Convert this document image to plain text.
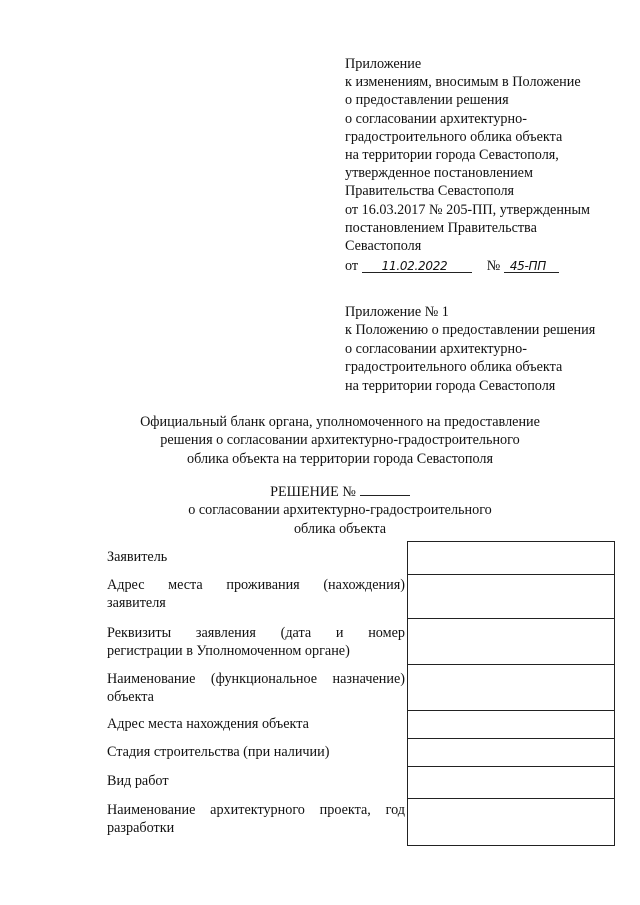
Приложение
к изменениям, вносимым в Положение
о предоставлении решения
о согласовании архитектурно-
градостроительного облика объекта
на территории города Севастополя,
утвержденное постановлением
Правительства Севастополя
от 16.03.2017 № 205-ПП, утвержденным
постановлением Правительства
Севастополя
от 11.02.2022	№ 45-ПП
Приложение № 1
к Положению о предоставлении решения
о согласовании архитектурно-
градостроительного облика объекта
на территории города Севастополя
Официальный бланк органа, уполномоченного на предоставление
решения о согласовании архитектурно-градостроительного
облика объекта на территории города Севастополя
РЕШЕНИЕ №
о согласовании архитектурно-градостроительного
облика объекта
Заявитель
Адрес места проживания (нахождения)
заявителя
Реквизиты заявления (дата и номер
регистрации в Уполномоченном органе)
Наименование (функциональное назначение)
объекта
Адрес места нахождения объекта
Стадия строительства (при наличии)
Вид работ
Наименование архитектурного проекта, год
разработки
